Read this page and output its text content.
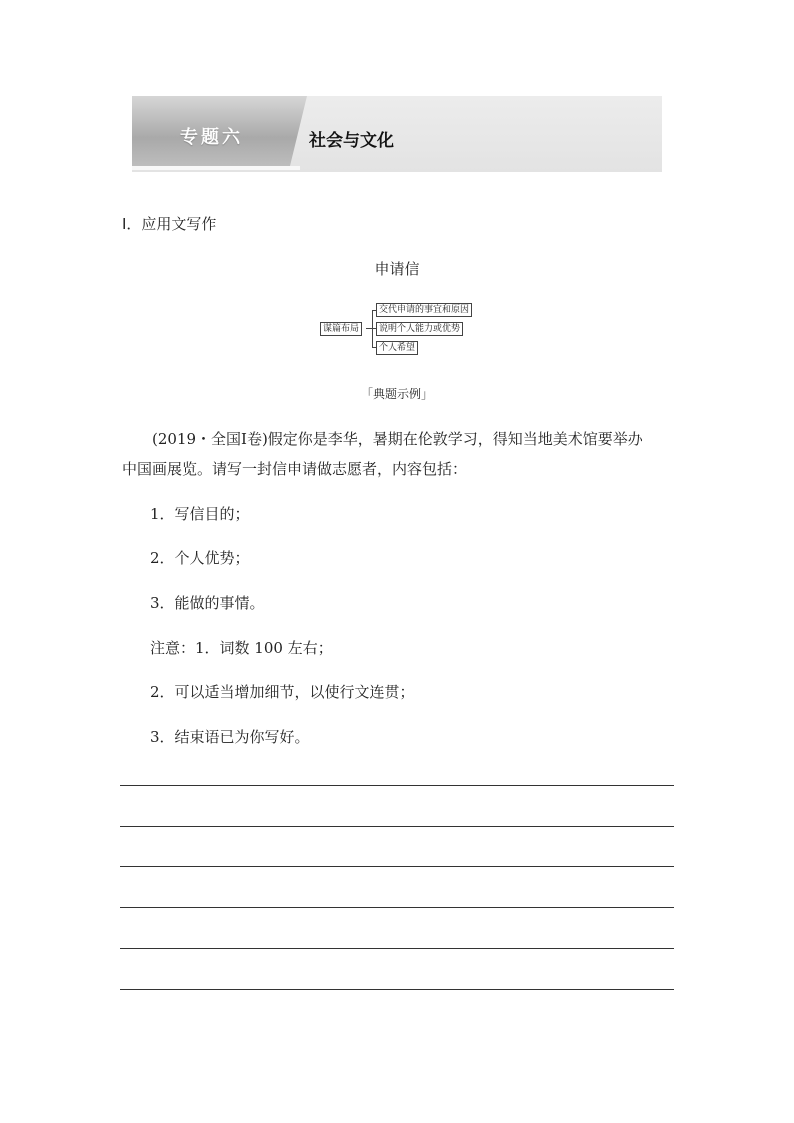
专题六	社会与文化
Ⅰ．应用文写作
申请信
谋篇布局
交代申请的事宜和原因
说明个人能力或优势
个人希望
「典题示例」
(2019・全国Ⅰ卷)假定你是李华，暑期在伦敦学习，得知当地美术馆要举办
中国画展览。请写一封信申请做志愿者，内容包括：
1．写信目的；
2．个人优势；
3．能做的事情。
注意：1．词数 100 左右；
2．可以适当增加细节，以使行文连贯；
3．结束语已为你写好。
